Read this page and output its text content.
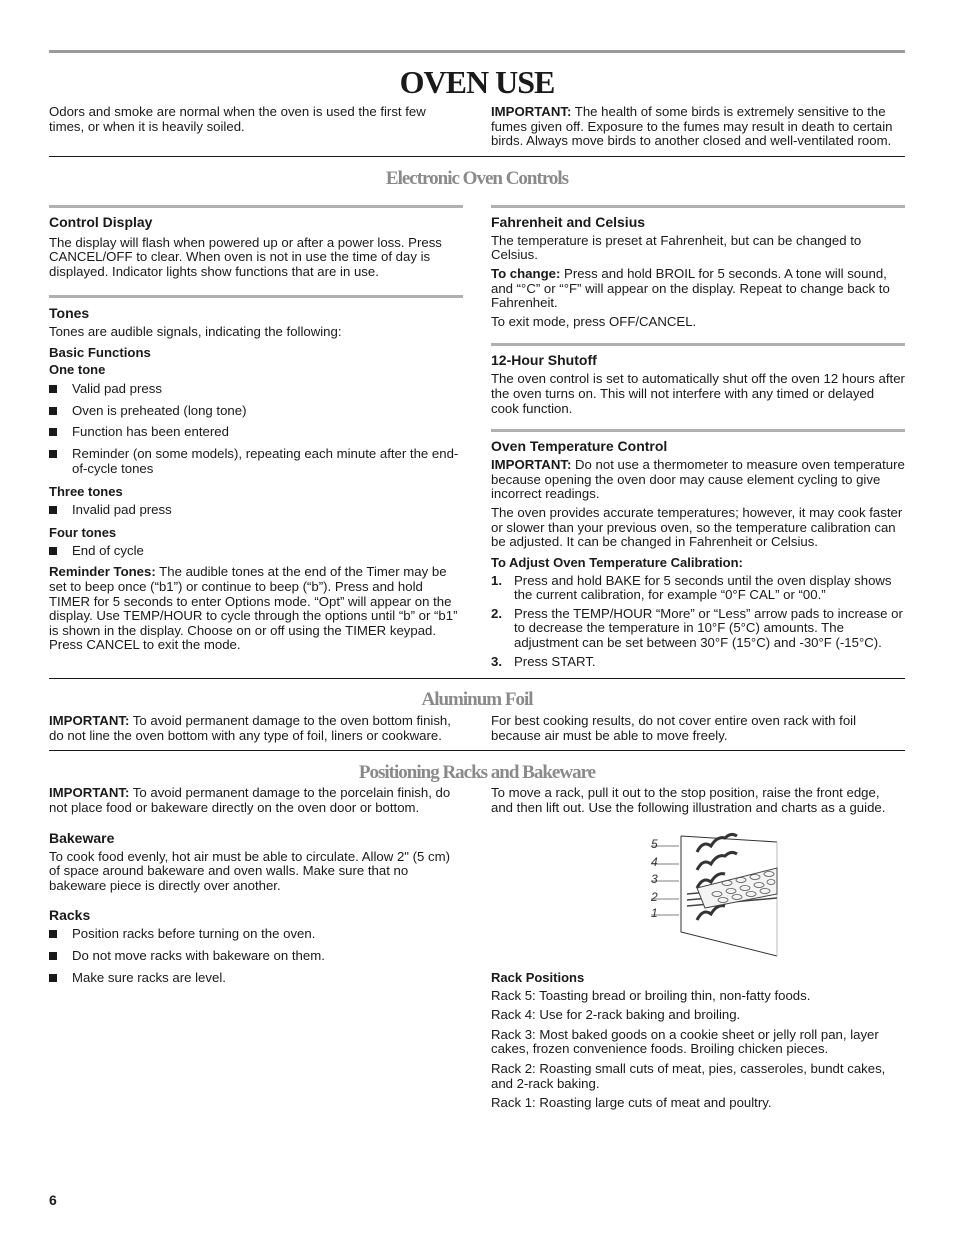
OVEN USE

Odors and smoke are normal when the oven is used the first few times, or when it is heavily soiled.

IMPORTANT: The health of some birds is extremely sensitive to the fumes given off. Exposure to the fumes may result in death to certain birds. Always move birds to another closed and well-ventilated room.

Electronic Oven Controls
Control Display

The display will flash when powered up or after a power loss. Press CANCEL/OFF to clear. When oven is not in use the time of day is displayed. Indicator lights show functions that are in use.

Tones

Tones are audible signals, indicating the following:

Basic Functions
One tone
Valid pad press
Oven is preheated (long tone)
Function has been entered
Reminder (on some models), repeating each minute after the end-of-cycle tones
Three tones
Invalid pad press
Four tones
End of cycle

Reminder Tones: The audible tones at the end of the Timer may be set to beep once (“b1”) or continue to beep (“b”). Press and hold TIMER for 5 seconds to enter Options mode. “Opt” will appear on the display. Use TEMP/HOUR to cycle through the options until “b” or “b1” is shown in the display. Choose on or off using the TIMER keypad. Press CANCEL to exit the mode.

Fahrenheit and Celsius

The temperature is preset at Fahrenheit, but can be changed to Celsius.

To change: Press and hold BROIL for 5 seconds. A tone will sound, and “°C” or “°F” will appear on the display. Repeat to change back to Fahrenheit.

To exit mode, press OFF/CANCEL.

12-Hour Shutoff

The oven control is set to automatically shut off the oven 12 hours after the oven turns on. This will not interfere with any timed or delayed cook function.

Oven Temperature Control

IMPORTANT: Do not use a thermometer to measure oven temperature because opening the oven door may cause element cycling to give incorrect readings.

The oven provides accurate temperatures; however, it may cook faster or slower than your previous oven, so the temperature calibration can be adjusted. It can be changed in Fahrenheit or Celsius.

To Adjust Oven Temperature Calibration:
1. Press and hold BAKE for 5 seconds until the oven display shows the current calibration, for example “0°F CAL” or “00.”
2. Press the TEMP/HOUR “More” or “Less” arrow pads to increase or to decrease the temperature in 10°F (5°C) amounts. The adjustment can be set between 30°F (15°C) and -30°F (-15°C).
3. Press START.
Aluminum Foil

IMPORTANT: To avoid permanent damage to the oven bottom finish, do not line the oven bottom with any type of foil, liners or cookware.

For best cooking results, do not cover entire oven rack with foil because air must be able to move freely.

Positioning Racks and Bakeware

IMPORTANT: To avoid permanent damage to the porcelain finish, do not place food or bakeware directly on the oven door or bottom.

Bakeware

To cook food evenly, hot air must be able to circulate. Allow 2" (5 cm) of space around bakeware and oven walls. Make sure that no bakeware piece is directly over another.

Racks
Position racks before turning on the oven.
Do not move racks with bakeware on them.
Make sure racks are level.

To move a rack, pull it out to the stop position, raise the front edge, and then lift out. Use the following illustration and charts as a guide.

5
4
3
2
1
Rack Positions

Rack 5: Toasting bread or broiling thin, non-fatty foods.

Rack 4: Use for 2-rack baking and broiling.

Rack 3: Most baked goods on a cookie sheet or jelly roll pan, layer cakes, frozen convenience foods. Broiling chicken pieces.

Rack 2: Roasting small cuts of meat, pies, casseroles, bundt cakes, and 2-rack baking.

Rack 1: Roasting large cuts of meat and poultry.

6
